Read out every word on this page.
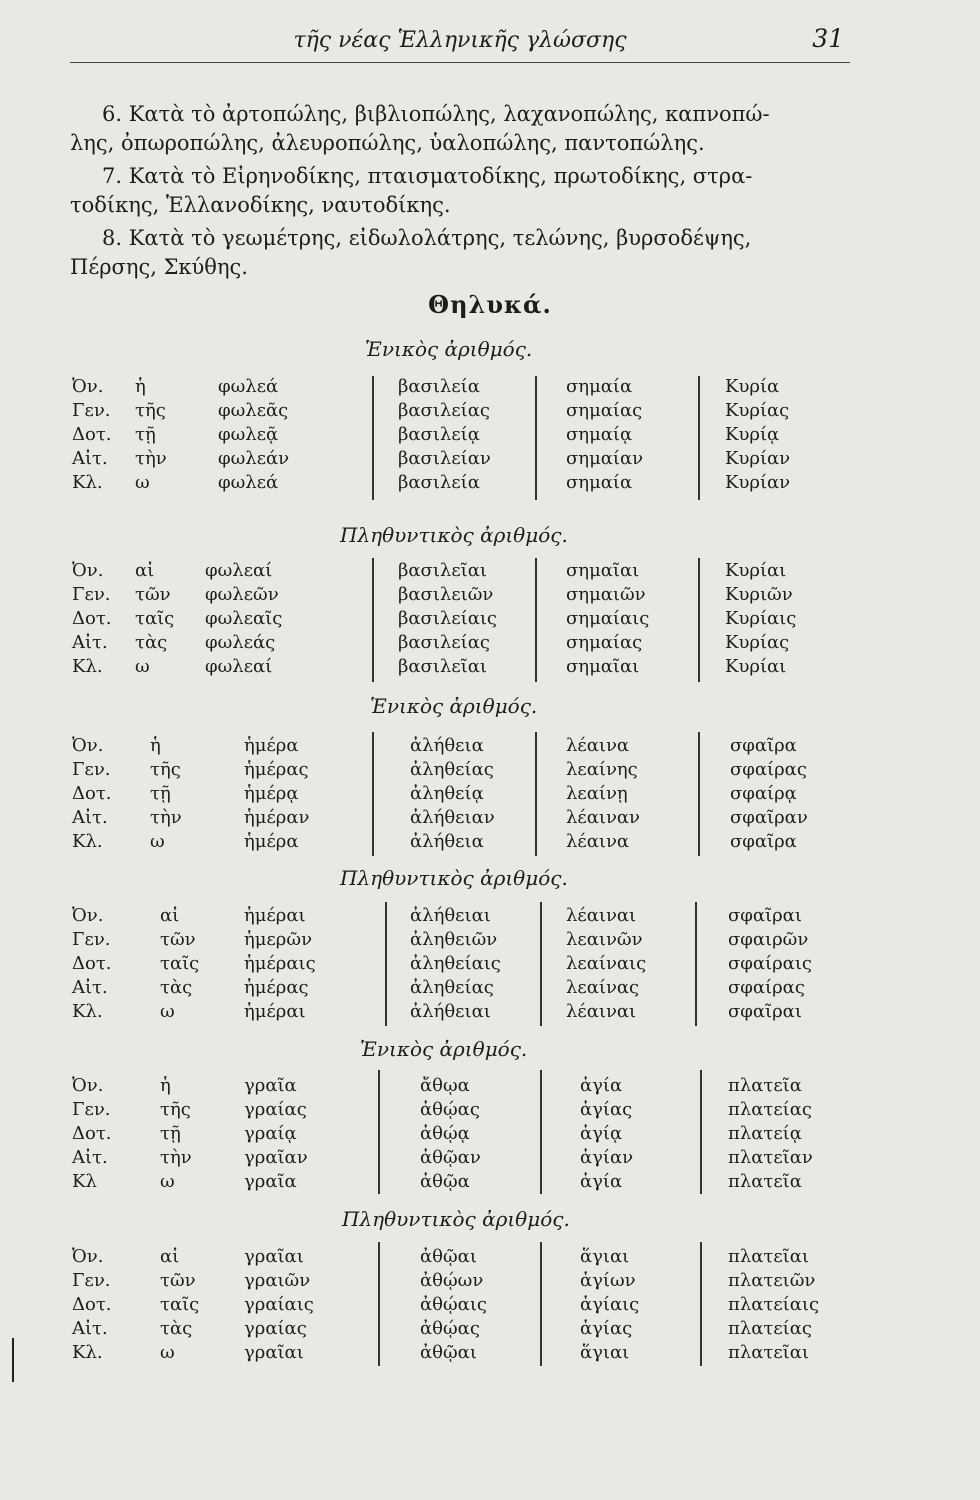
τῆς νέας Ἑλληνικῆς γλώσσης	31
6. Κατὰ τὸ ἀρτοπώλης, βιβλιοπώλης, λαχανοπώλης, καπνοπώ-
λης, ὀπωροπώλης, ἀλευροπώλης, ὑαλοπώλης, παντοπώλης.
7. Κατὰ τὸ Εἰρηνοδίκης, πταισματοδίκης, πρωτοδίκης, στρα-
τοδίκης, Ἑλλανοδίκης, ναυτοδίκης.
8. Κατὰ τὸ γεωμέτρης, εἰδωλολάτρης, τελώνης, βυρσοδέψης,
Πέρσης, Σκύθης.
Θηλυκά.
Ἑνικὸς ἀριθμός.
Ὀν. ἡ	φωλεά	βασιλεία	σημαία	Κυρία
Γεν. τῆς	φωλεᾶς	βασιλείας	σημαίας	Κυρίας
Δοτ. τῇ	φωλεᾷ	βασιλείᾳ	σημαίᾳ	Κυρίᾳ
Αἰτ. τὴν	φωλεάν	βασιλείαν	σημαίαν	Κυρίαν
Κλ. ω	φωλεά	βασιλεία	σημαία	Κυρίαν
Πληθυντικὸς ἀριθμός.
Ὀν. αἱ	φωλεαί	βασιλεῖαι	σημαῖαι	Κυρίαι
Γεν. τῶν φωλεῶν	βασιλειῶν	σημαιῶν	Κυριῶν
Δοτ. ταῖς φωλεαῖς	βασιλείαις	σημαίαις	Κυρίαις
Αἰτ. τὰς φωλεάς	βασιλείας	σημαίας	Κυρίας
Κλ. ω	φωλεαί	βασιλεῖαι	σημαῖαι	Κυρίαι
Ἑνικὸς ἀριθμός.
Ὀν.	ἡ	ἡμέρα	ἀλήθεια	λέαινα	σφαῖρα
Γεν. τῆς	ἡμέρας	ἀληθείας	λεαίνης	σφαίρας
Δοτ. τῇ	ἡμέρᾳ	ἀληθείᾳ	λεαίνῃ	σφαίρᾳ
Αἰτ. τὴν	ἡμέραν	ἀλήθειαν	λέαιναν	σφαῖραν
Κλ.	ω	ἡμέρα	ἀλήθεια	λέαινα	σφαῖρα
Πληθυντικὸς ἀριθμός.
Ὀν.	αἱ	ἡμέραι	ἀλήθειαι	λέαιναι	σφαῖραι
Γεν.	τῶν	ἡμερῶν	ἀληθειῶν	λεαινῶν	σφαιρῶν
Δοτ.	ταῖς ἡμέραις	ἀληθείαις	λεαίναις	σφαίραις
Αἰτ.	τὰς	ἡμέρας	ἀληθείας	λεαίνας	σφαίρας
Κλ.	ω	ἡμέραι	ἀλήθειαι	λέαιναι	σφαῖραι
Ἑνικὸς ἀριθμός.
Ὀν.	ἡ	γραῖα	ἄθῳα	ἁγία	πλατεῖα
Γεν.	τῆς	γραίας	ἀθῴας	ἁγίας	πλατείας
Δοτ.	τῇ	γραίᾳ	ἀθῴᾳ	ἁγίᾳ	πλατείᾳ
Αἰτ.	τὴν	γραῖαν	ἀθῷαν	ἁγίαν	πλατεῖαν
Κλ	ω	γραῖα	ἀθῷα	ἁγία	πλατεῖα
Πληθυντικὸς ἀριθμός.
Ὀν.	αἱ	γραῖαι	ἀθῷαι	ἅγιαι	πλατεῖαι
Γεν.	τῶν	γραιῶν	ἀθῴων	ἁγίων	πλατειῶν
Δοτ.	ταῖς γραίαις	ἀθῴαις	ἁγίαις	πλατείαις
Αἰτ.	τὰς	γραίας	ἀθῴας	ἁγίας	πλατείας
Κλ.	ω	γραῖαι	ἀθῷαι	ἅγιαι	πλατεῖαι
